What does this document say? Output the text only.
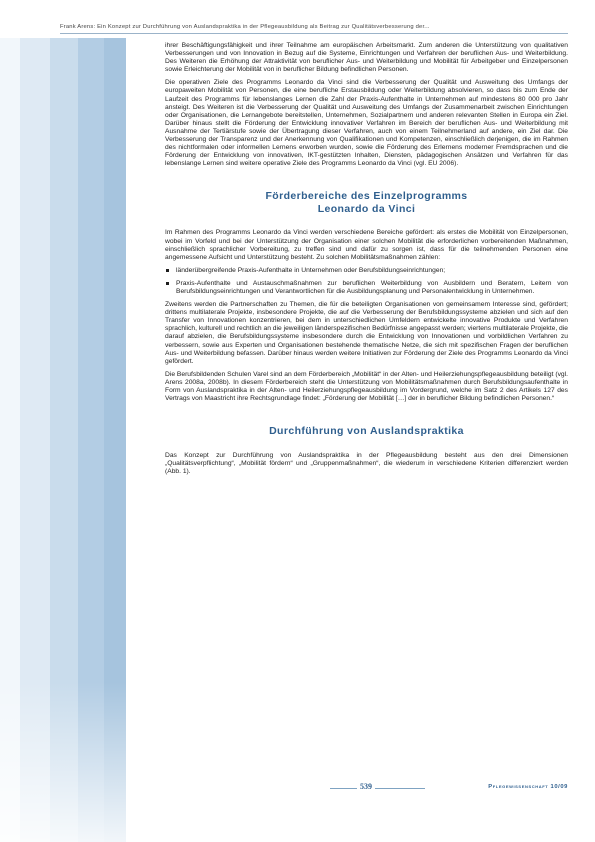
Frank Arens: Ein Konzept zur Durchführung von Auslandspraktika in der Pflegeausbildung als Beitrag zur Qualitätsverbesserung der...

ihrer Beschäftigungsfähigkeit und ihrer Teilnahme am europäischen Arbeitsmarkt. Zum anderen die Unterstützung von qualitativen Verbesserungen und von Innovation in Bezug auf die Systeme, Einrichtungen und Verfahren der beruflichen Aus- und Weiterbildung. Des Weiteren die Erhöhung der Attraktivität von beruflicher Aus- und Weiterbildung und Mobilität für Arbeitgeber und Einzelpersonen sowie Erleichterung der Mobilität von in beruflicher Bildung befindlichen Personen.

Die operativen Ziele des Programms Leonardo da Vinci sind die Verbesserung der Qualität und Ausweitung des Umfangs der europaweiten Mobilität von Personen, die eine berufliche Erstausbildung oder Weiterbildung absolvieren, so dass bis zum Ende der Laufzeit des Programms für lebenslanges Lernen die Zahl der Praxis-Aufenthalte in Unternehmen auf mindestens 80 000 pro Jahr ansteigt. Des Weiteren ist die Verbesserung der Qualität und Ausweitung des Umfangs der Zusammenarbeit zwischen Einrichtungen oder Organisationen, die Lernangebote bereitstellen, Unternehmen, Sozialpartnern und anderen relevanten Stellen in Europa ein Ziel. Darüber hinaus stellt die Förderung der Entwicklung innovativer Verfahren im Bereich der beruflichen Aus- und Weiterbildung mit Ausnahme der Tertiärstufe sowie der Übertragung dieser Verfahren, auch von einem Teilnehmerland auf andere, ein Ziel dar. Die Verbesserung der Transparenz und der Anerkennung von Qualifikationen und Kompetenzen, einschließlich derjenigen, die im Rahmen des nichtformalen oder informellen Lernens erworben wurden, sowie die Förderung des Erlernens moderner Fremdsprachen und die Förderung der Entwicklung von innovativen, IKT-gestützten Inhalten, Diensten, pädagogischen Ansätzen und Verfahren für das lebenslange Lernen sind weitere operative Ziele des Programms Leonardo da Vinci (vgl. EU 2006).

Förderbereiche des Einzelprogramms
Leonardo da Vinci

Im Rahmen des Programms Leonardo da Vinci werden verschiedene Bereiche gefördert: als erstes die Mobilität von Einzelpersonen, wobei im Vorfeld und bei der Unterstützung der Organisation einer solchen Mobilität die erforderlichen vorbereitenden Maßnahmen, einschließlich sprachlicher Vorbereitung, zu treffen sind und dafür zu sorgen ist, dass für die teilnehmenden Personen eine angemessene Aufsicht und Unterstützung besteht. Zu solchen Mobilitätsmaßnahmen zählen:

länderübergreifende Praxis-Aufenthalte in Unternehmen oder Berufsbildungseinrichtungen;
Praxis-Aufenthalte und Austauschmaßnahmen zur beruflichen Weiterbildung von Ausbildern und Beratern, Leitern von Berufsbildungseinrichtungen und Verantwortlichen für die Ausbildungsplanung und Personalentwicklung in Unternehmen.

Zweitens werden die Partnerschaften zu Themen, die für die beteiligten Organisationen von gemeinsamem Interesse sind, gefördert; drittens multilaterale Projekte, insbesondere Projekte, die auf die Verbesserung der Berufsbildungssysteme abzielen und sich auf den Transfer von Innovationen konzentrieren, bei dem in unterschiedlichen Umfeldern entwickelte innovative Produkte und Verfahren sprachlich, kulturell und rechtlich an die jeweiligen länderspezifischen Bedürfnisse angepasst werden; viertens multilaterale Projekte, die darauf abzielen, die Berufsbildungssysteme insbesondere durch die Entwicklung von Innovationen und vorbildlichen Verfahren zu verbessern, sowie aus Experten und Organisationen bestehende thematische Netze, die sich mit spezifischen Fragen der beruflichen Aus- und Weiterbildung befassen. Darüber hinaus werden weitere Initiativen zur Förderung der Ziele des Programms Leonardo da Vinci gefördert.

Die Berufsbildenden Schulen Varel sind an dem Förderbereich „Mobilität“ in der Alten- und Heilerziehungspflegeausbildung beteiligt (vgl. Arens 2008a, 2008b). In diesem Förderbereich steht die Unterstützung von Mobilitätsmaßnahmen durch Berufsbildungsaufenthalte in Form von Auslandspraktika in der Alten- und Heilerziehungspflegeausbildung im Vordergrund, welche im Satz 2 des Artikels 127 des Vertrags von Maastricht ihre Rechtsgrundlage findet: „Förderung der Mobilität […] der in beruflicher Bildung befindlichen Personen.“

Durchführung von Auslandspraktika

Das Konzept zur Durchführung von Auslandspraktika in der Pflegeausbildung besteht aus den drei Dimensionen „Qualitätsverpflichtung“, „Mobilität fördern“ und „Gruppenmaßnahmen“, die wiederum in verschiedene Kriterien differenziert werden (Abb. 1).

539	Pflegewissenschaft 10/09
